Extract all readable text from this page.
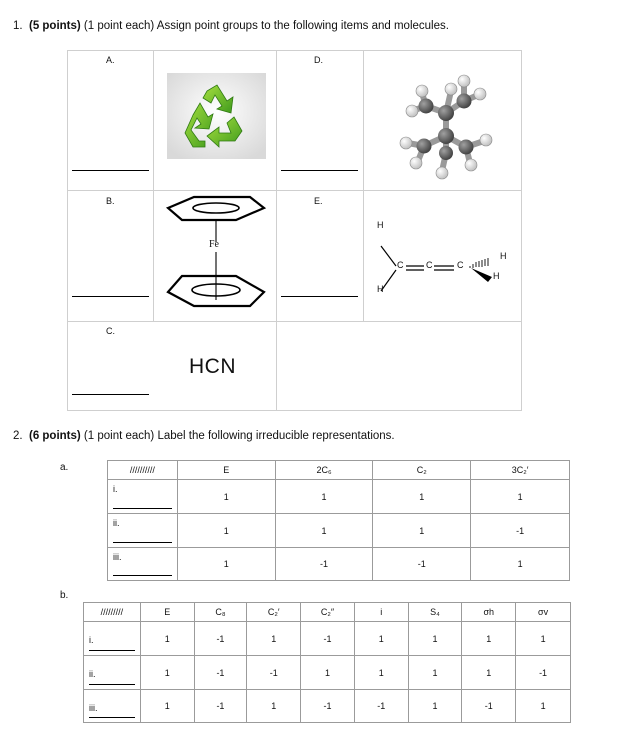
1. (5 points) (1 point each) Assign point groups to the following items and molecules.
A.	D.
B.	E.
C.
Fe
H
H
C	C	C
H
H
HCN
2. (6 points) (1 point each) Label the following irreducible representations.
a.	//////////	E	2C₆	C₂	3C₂′
i.	1	1	1	1
ii.	1	1	1	-1
iii.	1	-1	-1	1
b.
/////////	E	C₈	C₂′	C₂″	i	S₄	σh	σv
i.	1	-1	1	-1	1	1	1	1
ii.	1	-1	-1	1	1	1	1	-1
iii.	1	-1	1	-1	-1	1	-1	1
